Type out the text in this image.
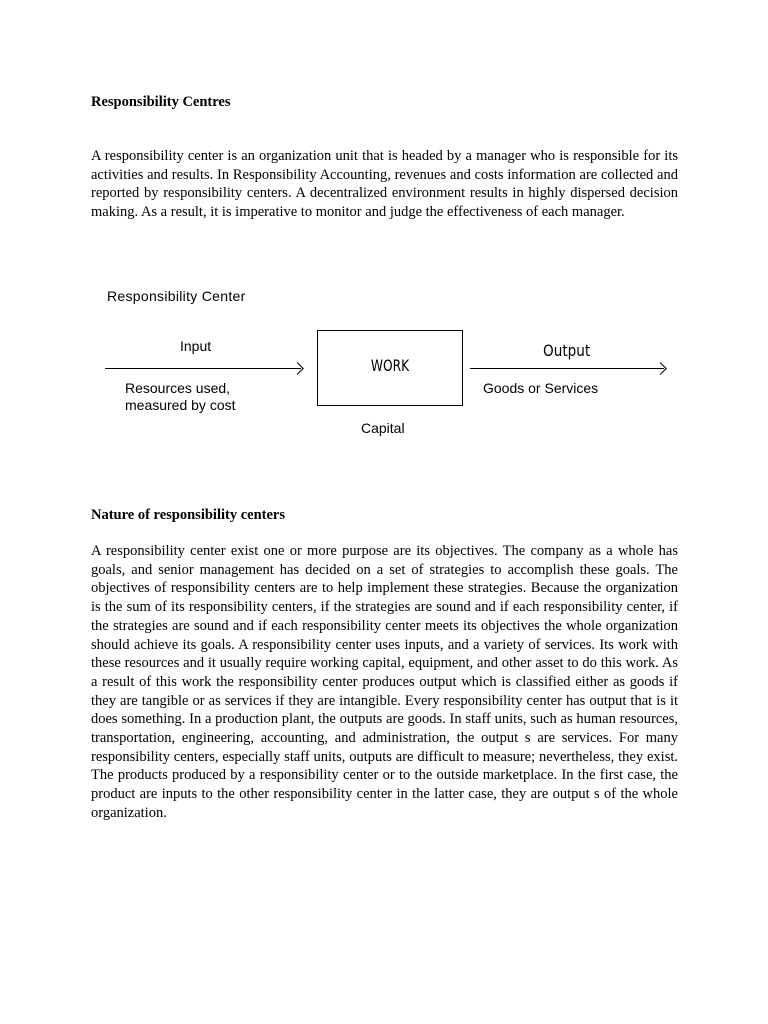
Responsibility Centres

A responsibility center is an organization unit that is headed by a manager who is responsible for its activities and results. In Responsibility Accounting, revenues and costs information are collected and reported by responsibility centers. A decentralized environment results in highly dispersed decision making. As a result, it is imperative to monitor and judge the effectiveness of each manager.

Responsibility Center
Input
Resources used,
measured by cost
WORK
Capital
Output
Goods or Services
Nature of responsibility centers

A responsibility center exist one or more purpose are its objectives. The company as a whole has goals, and senior management has decided on a set of strategies to accomplish these goals. The objectives of responsibility centers are to help implement these strategies. Because the organization is the sum of its responsibility centers, if the strategies are sound and if each responsibility center, if the strategies are sound and if each responsibility center meets its objectives the whole organization should achieve its goals. A responsibility center uses inputs, and a variety of services. Its work with these resources and it usually require working capital, equipment, and other asset to do this work. As a result of this work the responsibility center produces output which is classified either as goods if they are tangible or as services if they are intangible. Every responsibility center has output that is it does something. In a production plant, the outputs are goods. In staff units, such as human resources, transportation, engineering, accounting, and administration, the output s are services. For many responsibility centers, especially staff units, outputs are difficult to measure; nevertheless, they exist. The products produced by a responsibility center or to the outside marketplace. In the first case, the product are inputs to the other responsibility center in the latter case, they are output s of the whole organization.
